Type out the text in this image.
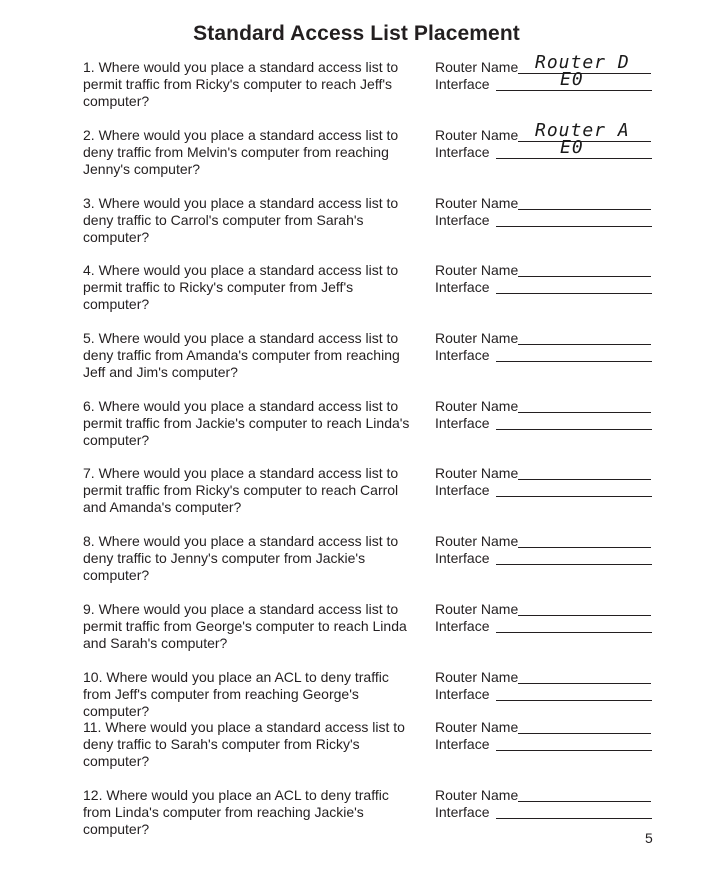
Standard Access List Placement
1. Where would you place a standard access list to permit traffic from Ricky's computer to reach Jeff's computer?
Router Name Router D
Interface	E0
2. Where would you place a standard access list to deny traffic from Melvin's computer from reaching Jenny's computer?
Router Name Router A
Interface	E0
3. Where would you place a standard access list to deny traffic to Carrol's computer from Sarah's computer?
Router Name
Interface
4. Where would you place a standard access list to permit traffic to Ricky's computer from Jeff's computer?
Router Name
Interface
5. Where would you place a standard access list to deny traffic from Amanda's computer from reaching Jeff and Jim's computer?
Router Name
Interface
6. Where would you place a standard access list to permit traffic from Jackie's computer to reach Linda's computer?
Router Name
Interface
7. Where would you place a standard access list to permit traffic from Ricky's computer to reach Carrol and Amanda's computer?
Router Name
Interface
8. Where would you place a standard access list to deny traffic to Jenny's computer from Jackie's computer?
Router Name
Interface
9. Where would you place a standard access list to permit traffic from George's computer to reach Linda and Sarah's computer?
Router Name
Interface
10. Where would you place an ACL to deny traffic from Jeff's computer from reaching George's computer?
Router Name
Interface
11. Where would you place a standard access list to deny traffic to Sarah's computer from Ricky's computer?
Router Name
Interface
12. Where would you place an ACL to deny traffic from Linda's computer from reaching Jackie's computer?
Router Name
Interface
5
